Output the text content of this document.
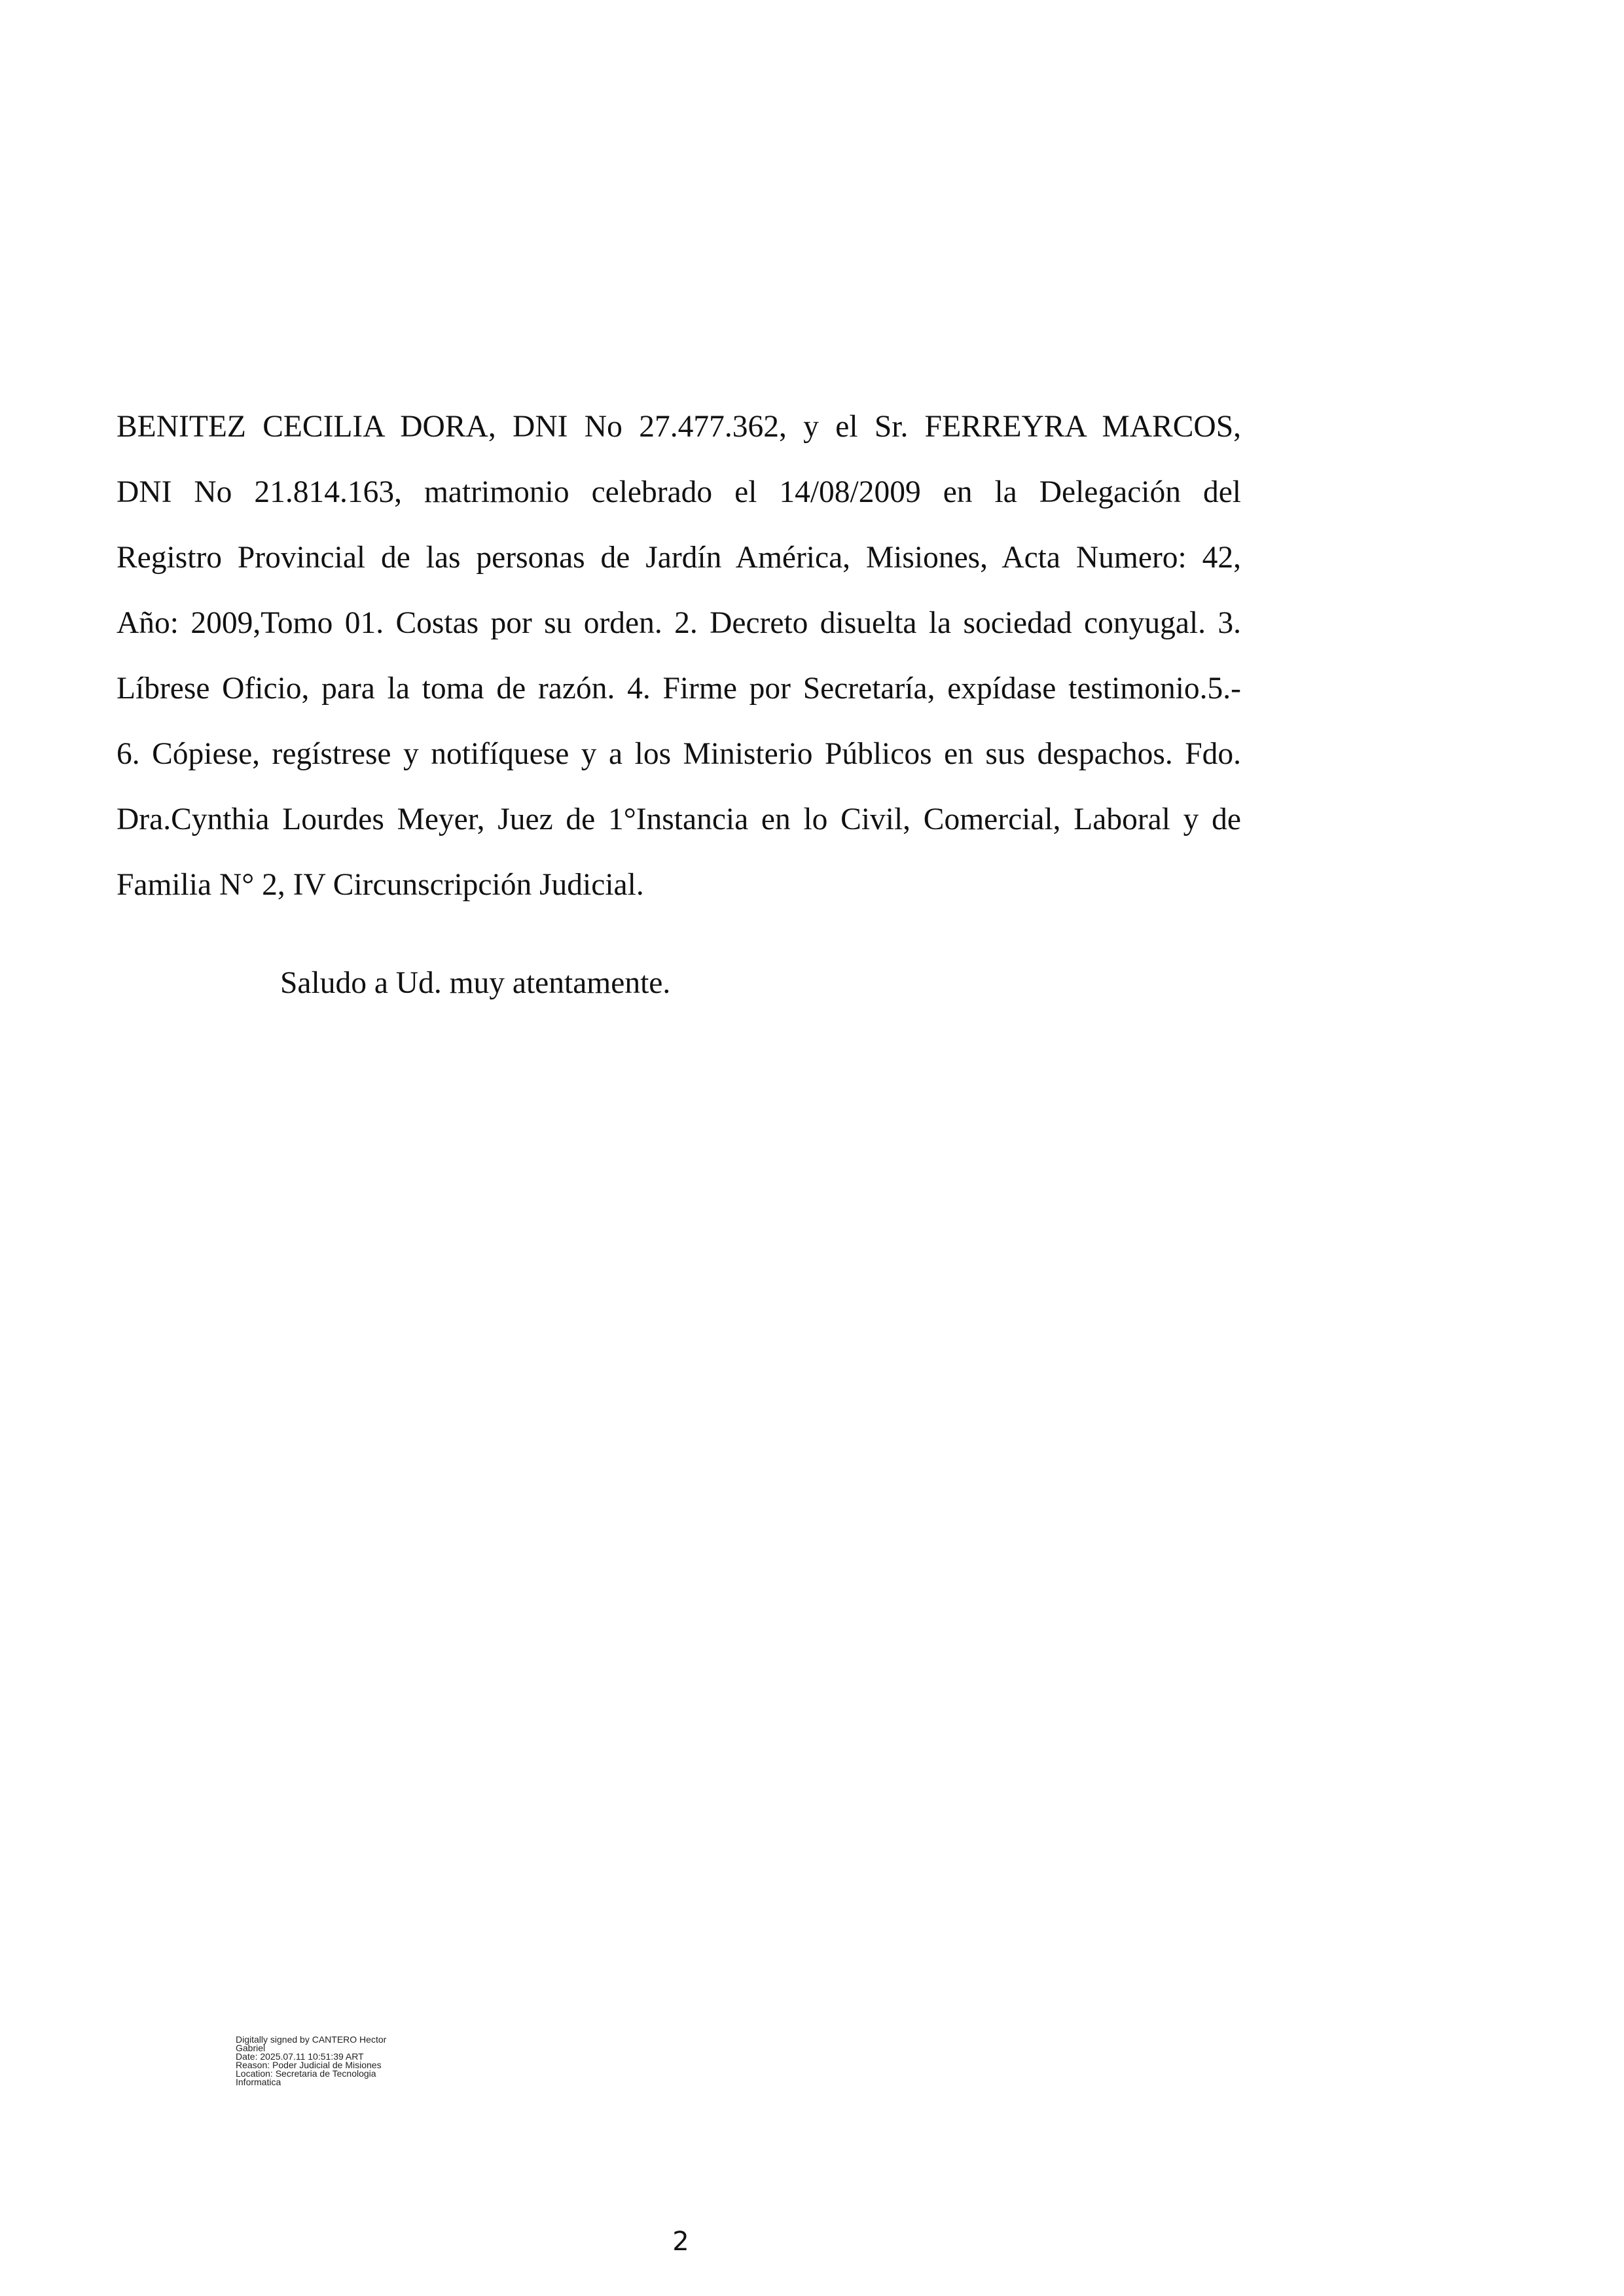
BENITEZ CECILIA DORA, DNI No 27.477.362, y el Sr. FERREYRA MARCOS,
DNI No 21.814.163, matrimonio celebrado el 14/08/2009 en la Delegación del
Registro Provincial de las personas de Jardín América, Misiones, Acta Numero: 42,
Año: 2009,Tomo 01. Costas por su orden. 2. Decreto disuelta la sociedad conyugal. 3.
Líbrese Oficio, para la toma de razón. 4. Firme por Secretaría, expídase testimonio.5.-
6. Cópiese, regístrese y notifíquese y a los Ministerio Públicos en sus despachos. Fdo.
Dra.Cynthia Lourdes Meyer, Juez de 1°Instancia en lo Civil, Comercial, Laboral y de
Familia N° 2, IV Circunscripción Judicial.

Saludo a Ud. muy atentamente.

Digitally signed by CANTERO Hector
Gabriel
Date: 2025.07.11 10:51:39 ART
Reason: Poder Judicial de Misiones
Location: Secretaria de Tecnologia
Informatica
2
